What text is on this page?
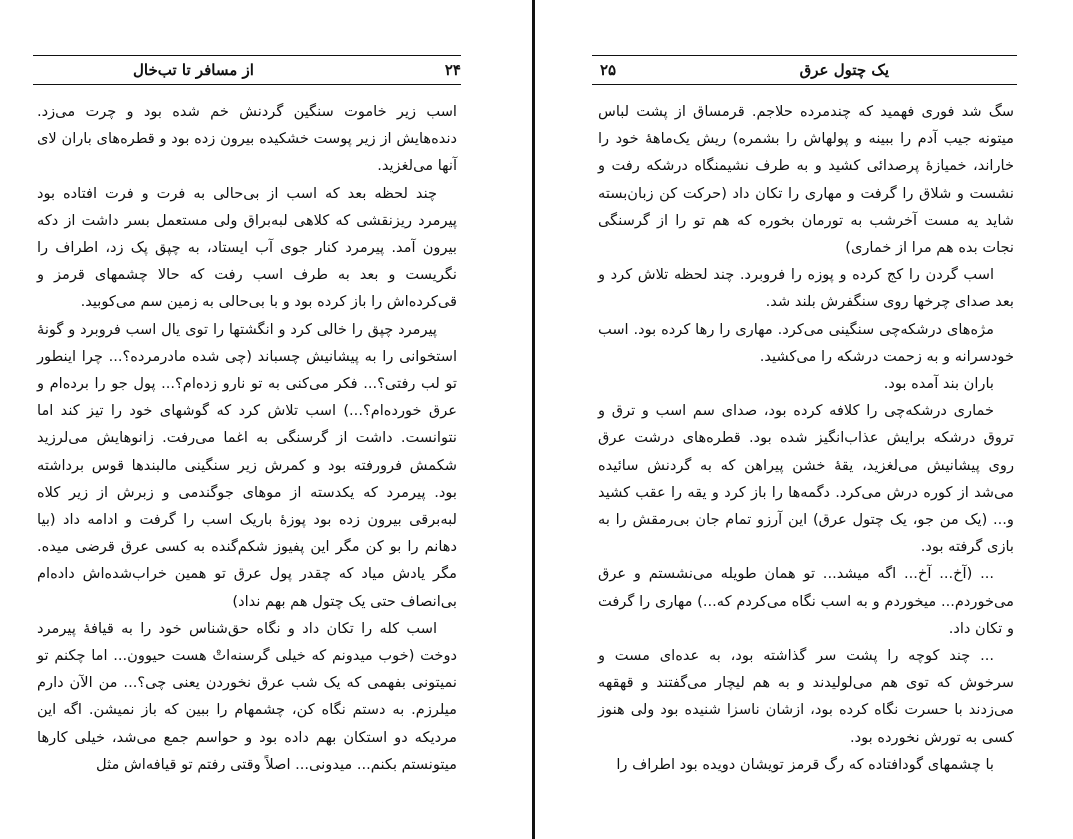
۲۴
از مسافر تا تب‌خال

اسب زیر خاموت سنگین گردنش خم شده بود و چرت می‌زد. دنده‌هایش از زیر پوست خشکیده بیرون زده بود و قطره‌های باران لای آنها می‌لغزید.

چند لحظه بعد که اسب از بی‌حالی به فرت و فرت افتاده بود پیرمرد ریزنقشی که کلاهی لبه‌براق ولی مستعمل بسر داشت از دکه بیرون آمد. پیرمرد کنار جوی آب ایستاد، به چپق پک زد، اطراف را نگریست و بعد به طرف اسب رفت که حالا چشمهای قرمز و قی‌کرده‌اش را باز کرده بود و با بی‌حالی به زمین سم می‌کوبید.

پیرمرد چپق را خالی کرد و انگشتها را توی یال اسب فروبرد و گونهٔ استخوانی را به پیشانیش چسباند (چی شده مادرمرده؟... چرا اینطور تو لب رفتی؟... فکر می‌کنی به تو نارو زده‌ام؟... پول جو را برده‌ام و عرق خورده‌ام؟...) اسب تلاش کرد که گوشهای خود را تیز کند اما نتوانست. داشت از گرسنگی به اغما می‌رفت. زانوهایش می‌لرزید شکمش فرورفته بود و کمرش زیر سنگینی مالبندها قوس برداشته بود. پیرمرد که یکدسته از موهای جوگندمی و زبرش از زیر کلاه لبه‌برقی بیرون زده بود پوزهٔ باریک اسب را گرفت و ادامه داد (بیا دهانم را بو کن مگر این پفیوز شکم‌گنده به کسی عرق قرضی میده. مگر یادش میاد که چقدر پول عرق تو همین خراب‌شده‌اش داده‌ام بی‌انصاف حتی یک چتول هم بهم نداد)

اسب کله را تکان داد و نگاه حق‌شناس خود را به قیافهٔ پیرمرد دوخت (خوب میدونم که خیلی گرسنه‌اتْ هست حیوون... اما چکنم تو نمیتونی بفهمی که یک شب عرق نخوردن یعنی چی؟... من الآن دارم میلرزم. به دستم نگاه کن، چشمهام را ببین که باز نمیشن. اگه این مردیکه دو استکان بهم داده بود و حواسم جمع می‌شد، خیلی کارها میتونستم بکنم... میدونی... اصلاً وقتی رفتم تو قیافه‌اش مثل

یک چتول عرق
۲۵

سگ شد فوری فهمید که چندمرده حلاجم. قرمساق از پشت لباس میتونه جیب آدم را ببینه و پولهاش را بشمره) ریش یک‌ماههٔ خود را خاراند، خمیازهٔ پرصدائی کشید و به طرف نشیمنگاه درشکه رفت و نشست و شلاق را گرفت و مهاری را تکان داد (حرکت کن زبان‌بسته شاید یه مست آخرشب به تورمان بخوره که هم تو را از گرسنگی نجات بده هم مرا از خماری)

اسب گردن را کج کرده و پوزه را فروبرد. چند لحظه تلاش کرد و بعد صدای چرخها روی سنگفرش بلند شد.

مژه‌های درشکه‌چی سنگینی می‌کرد. مهاری را رها کرده بود. اسب خودسرانه و به زحمت درشکه را می‌کشید.

باران بند آمده بود.

خماری درشکه‌چی را کلافه کرده بود، صدای سم اسب و ترق و تروق درشکه برایش عذاب‌انگیز شده بود. قطره‌های درشت عرق روی پیشانیش می‌لغزید، یقهٔ خشن پیراهن که به گردنش سائیده می‌شد از کوره درش می‌کرد. دگمه‌ها را باز کرد و یقه را عقب کشید و... (یک من جو، یک چتول عرق) این آرزو تمام جان بی‌رمقش را به بازی گرفته بود.

... (آخ... آخ... اگه میشد... تو همان طویله می‌نشستم و عرق می‌خوردم... میخوردم و به اسب نگاه می‌کردم که...) مهاری را گرفت و تکان داد.

... چند کوچه را پشت سر گذاشته بود، به عده‌ای مست و سرخوش که توی هم می‌لولیدند و به هم لیچار می‌گفتند و قهقهه می‌زدند با حسرت نگاه کرده بود، ازشان ناسزا شنیده بود ولی هنوز کسی به تورش نخورده بود.

با چشمهای گودافتاده که رگ قرمز تویشان دویده بود اطراف را
